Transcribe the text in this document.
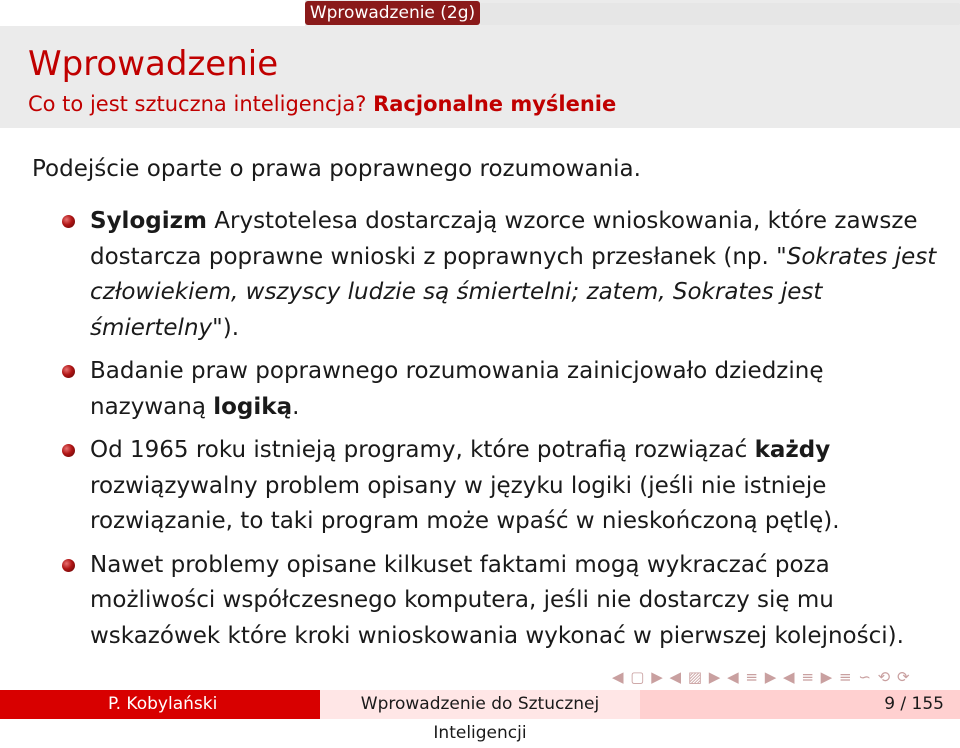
Wprowadzenie (2g)
Wprowadzenie
Co to jest sztuczna inteligencja? Racjonalne myślenie
Podejście oparte o prawa poprawnego rozumowania.
Sylogizm Arystotelesa dostarczają wzorce wnioskowania, które zawsze dostarcza poprawne wnioski z poprawnych przesłanek (np. "Sokrates jest człowiekiem, wszyscy ludzie są śmiertelni; zatem, Sokrates jest śmiertelny").
Badanie praw poprawnego rozumowania zainicjowało dziedzinę nazywaną logiką.
Od 1965 roku istnieją programy, które potrafią rozwiązać każdy rozwiązywalny problem opisany w języku logiki (jeśli nie istnieje rozwiązanie, to taki program może wpaść w nieskończoną pętlę).
Nawet problemy opisane kilkuset faktami mogą wykraczać poza możliwości współczesnego komputera, jeśli nie dostarczy się mu wskazówek które kroki wnioskowania wykonać w pierwszej kolejności).
◀ ▢ ▶ ◀ ▨ ▶ ◀ ≡ ▶ ◀ ≡ ▶ ≡ ∽ ⟲ ⟳
P. Kobylański	Wprowadzenie do Sztucznej Inteligencji
9 / 155
